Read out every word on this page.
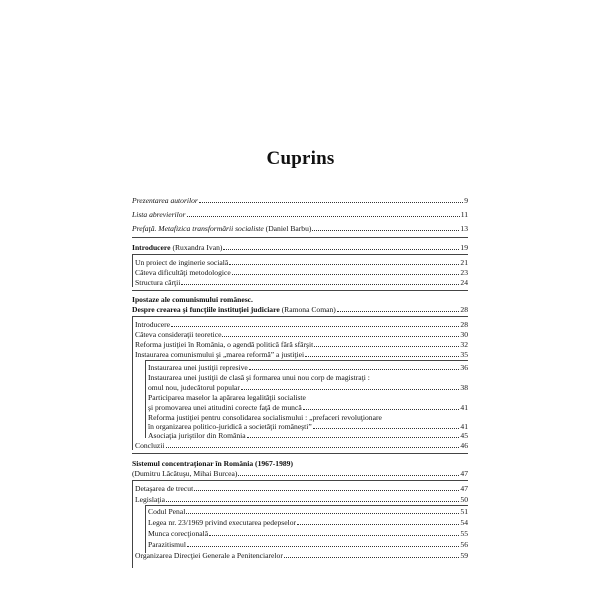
Cuprins
Prezentarea autorilor	9
Lista abrevierilor	11
Prefaţă. Metafizica transformării socialiste (Daniel Barbu)	13
Introducere (Ruxandra Ivan)	19
Un proiect de inginerie socială	21
Câteva dificultăţi metodologice	23
Structura cărţii	24
Ipostaze ale comunismului românesc.
Despre crearea şi funcţiile instituţiei judiciare (Ramona Coman)	28
Introducere	28
Câteva consideraţii teoretice	30
Reforma justiţiei în România, o agendă politică fără sfârşit	32
Instaurarea comunismului şi „marea reformă” a justiţiei	35
Instaurarea unei justiţii represive	36
Instaurarea unei justiţii de clasă şi formarea unui nou corp de magistraţi :
omul nou, judecătorul popular	38
Participarea maselor la apărarea legalităţii socialiste
şi promovarea unei atitudini corecte faţă de muncă	41
Reforma justiţiei pentru consolidarea socialismului : „prefaceri revoluţionare
în organizarea politico-juridică a societăţii româneşti”	41
Asociaţia juriştilor din România	45
Concluzii	46
Sistemul concentraţionar în România (1967-1989)
(Dumitru Lăcătuşu, Mihai Burcea)	47
Detaşarea de trecut	47
Legislaţia	50
Codul Penal	51
Legea nr. 23/1969 privind executarea pedepselor	54
Munca corecţională	55
Parazitismul	56
Organizarea Direcţiei Generale a Penitenciarelor	59
